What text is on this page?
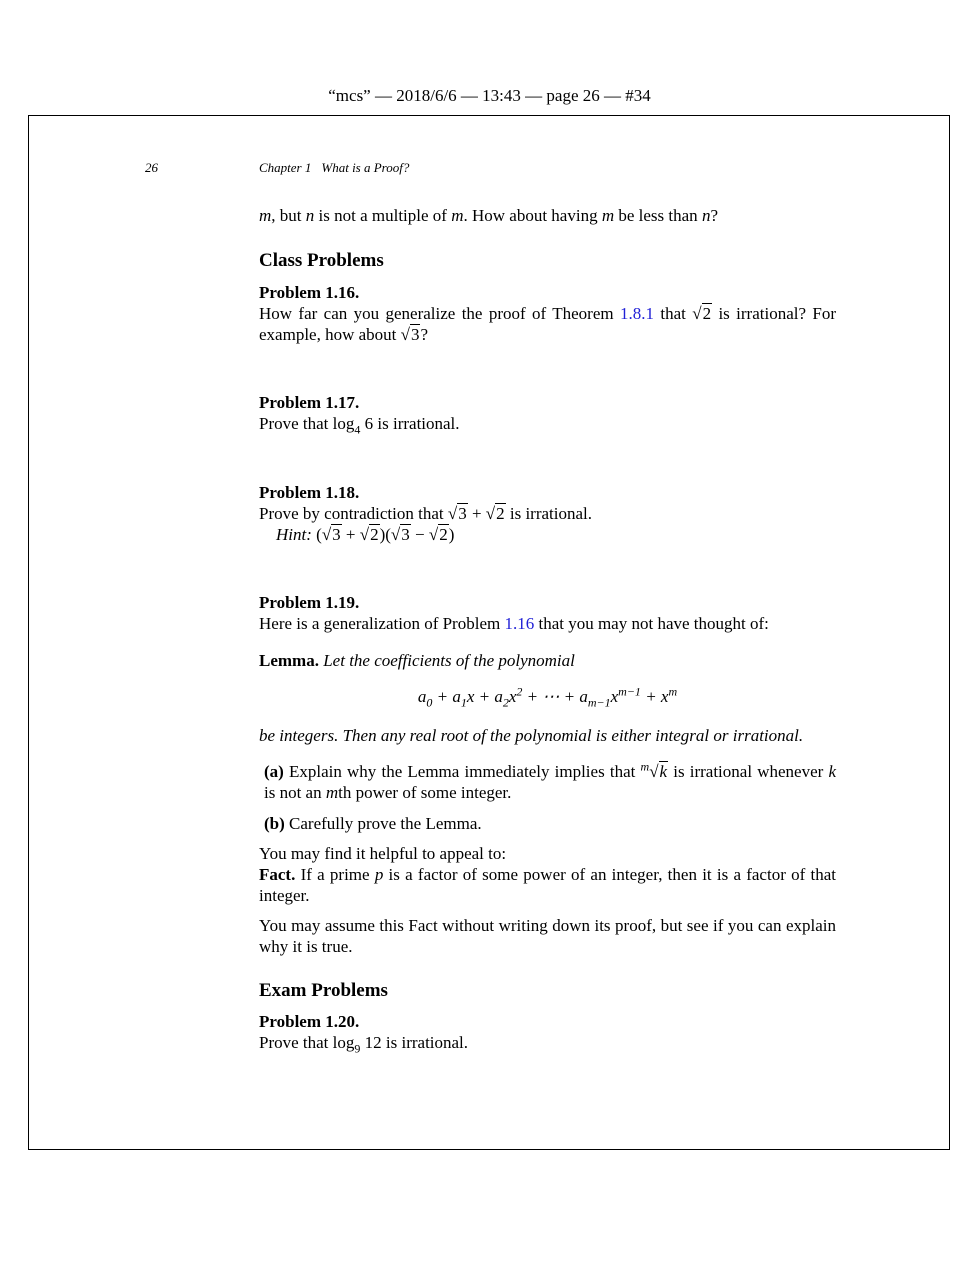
“mcs” — 2018/6/6 — 13:43 — page 26 — #34
26	Chapter 1 What is a Proof?

m, but n is not a multiple of m. How about having m be less than n?

Class Problems

Problem 1.16.

How far can you generalize the proof of Theorem 1.8.1 that √2 is irrational? For example, how about √3?

Problem 1.17.

Prove that $\log_4 6$ is irrational.

Problem 1.18.

Prove by contradiction that √3 + √2 is irrational.

Hint: (√3 + √2)(√3 − √2)

Problem 1.19.

Here is a generalization of Problem 1.16 that you may not have thought of:

Lemma. Let the coefficients of the polynomial

$a_0 + a_1x + a_2x^2$ + ⋯ + $a_{m-1}x^{m-1} + x^m$

be integers. Then any real root of the polynomial is either integral or irrational.

(a) Explain why the Lemma immediately implies that $^m$√k is irrational whenever k is not an mth power of some integer.

(b) Carefully prove the Lemma.

You may find it helpful to appeal to:

Fact. If a prime p is a factor of some power of an integer, then it is a factor of that integer.

You may assume this Fact without writing down its proof, but see if you can explain why it is true.

Exam Problems

Problem 1.20.

Prove that $\log_9 12$ is irrational.
